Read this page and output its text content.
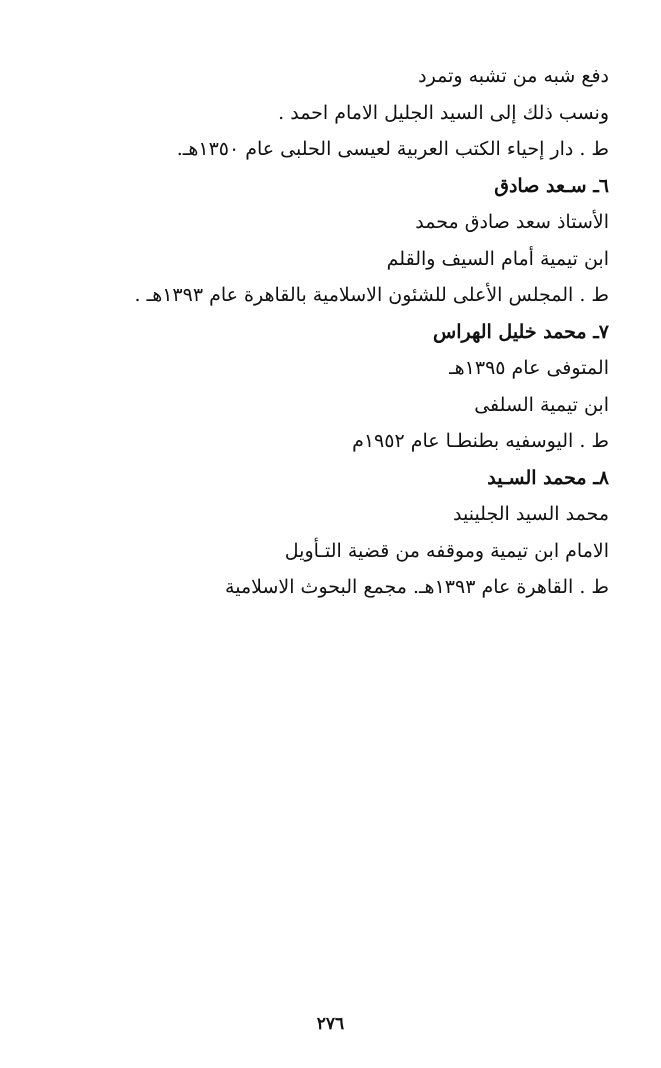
دفع شبه من تشبه وتمرد
ونسب ذلك إلى السيد الجليل الامام احمد .
ط . دار إحياء الكتب العربية لعيسى الحلبى عام ١٣٥٠هـ.
٦ـ سـعد صادق
الأستاذ سعد صادق محمد
ابن تيمية أمام السيف والقلم
ط . المجلس الأعلى للشئون الاسلامية بالقاهرة عام ١٣٩٣هـ .
٧ـ محمد خليل الهراس
المتوفى عام ١٣٩٥هـ
ابن تيمية السلفى
ط . اليوسفيه بطنطـا عام ١٩٥٢م
٨ـ محمد السـيد
محمد السيد الجلينيد
الامام ابن تيمية وموقفه من قضية التـأويل
ط . القاهرة عام ١٣٩٣هـ. مجمع البحوث الاسلامية
٢٧٦
